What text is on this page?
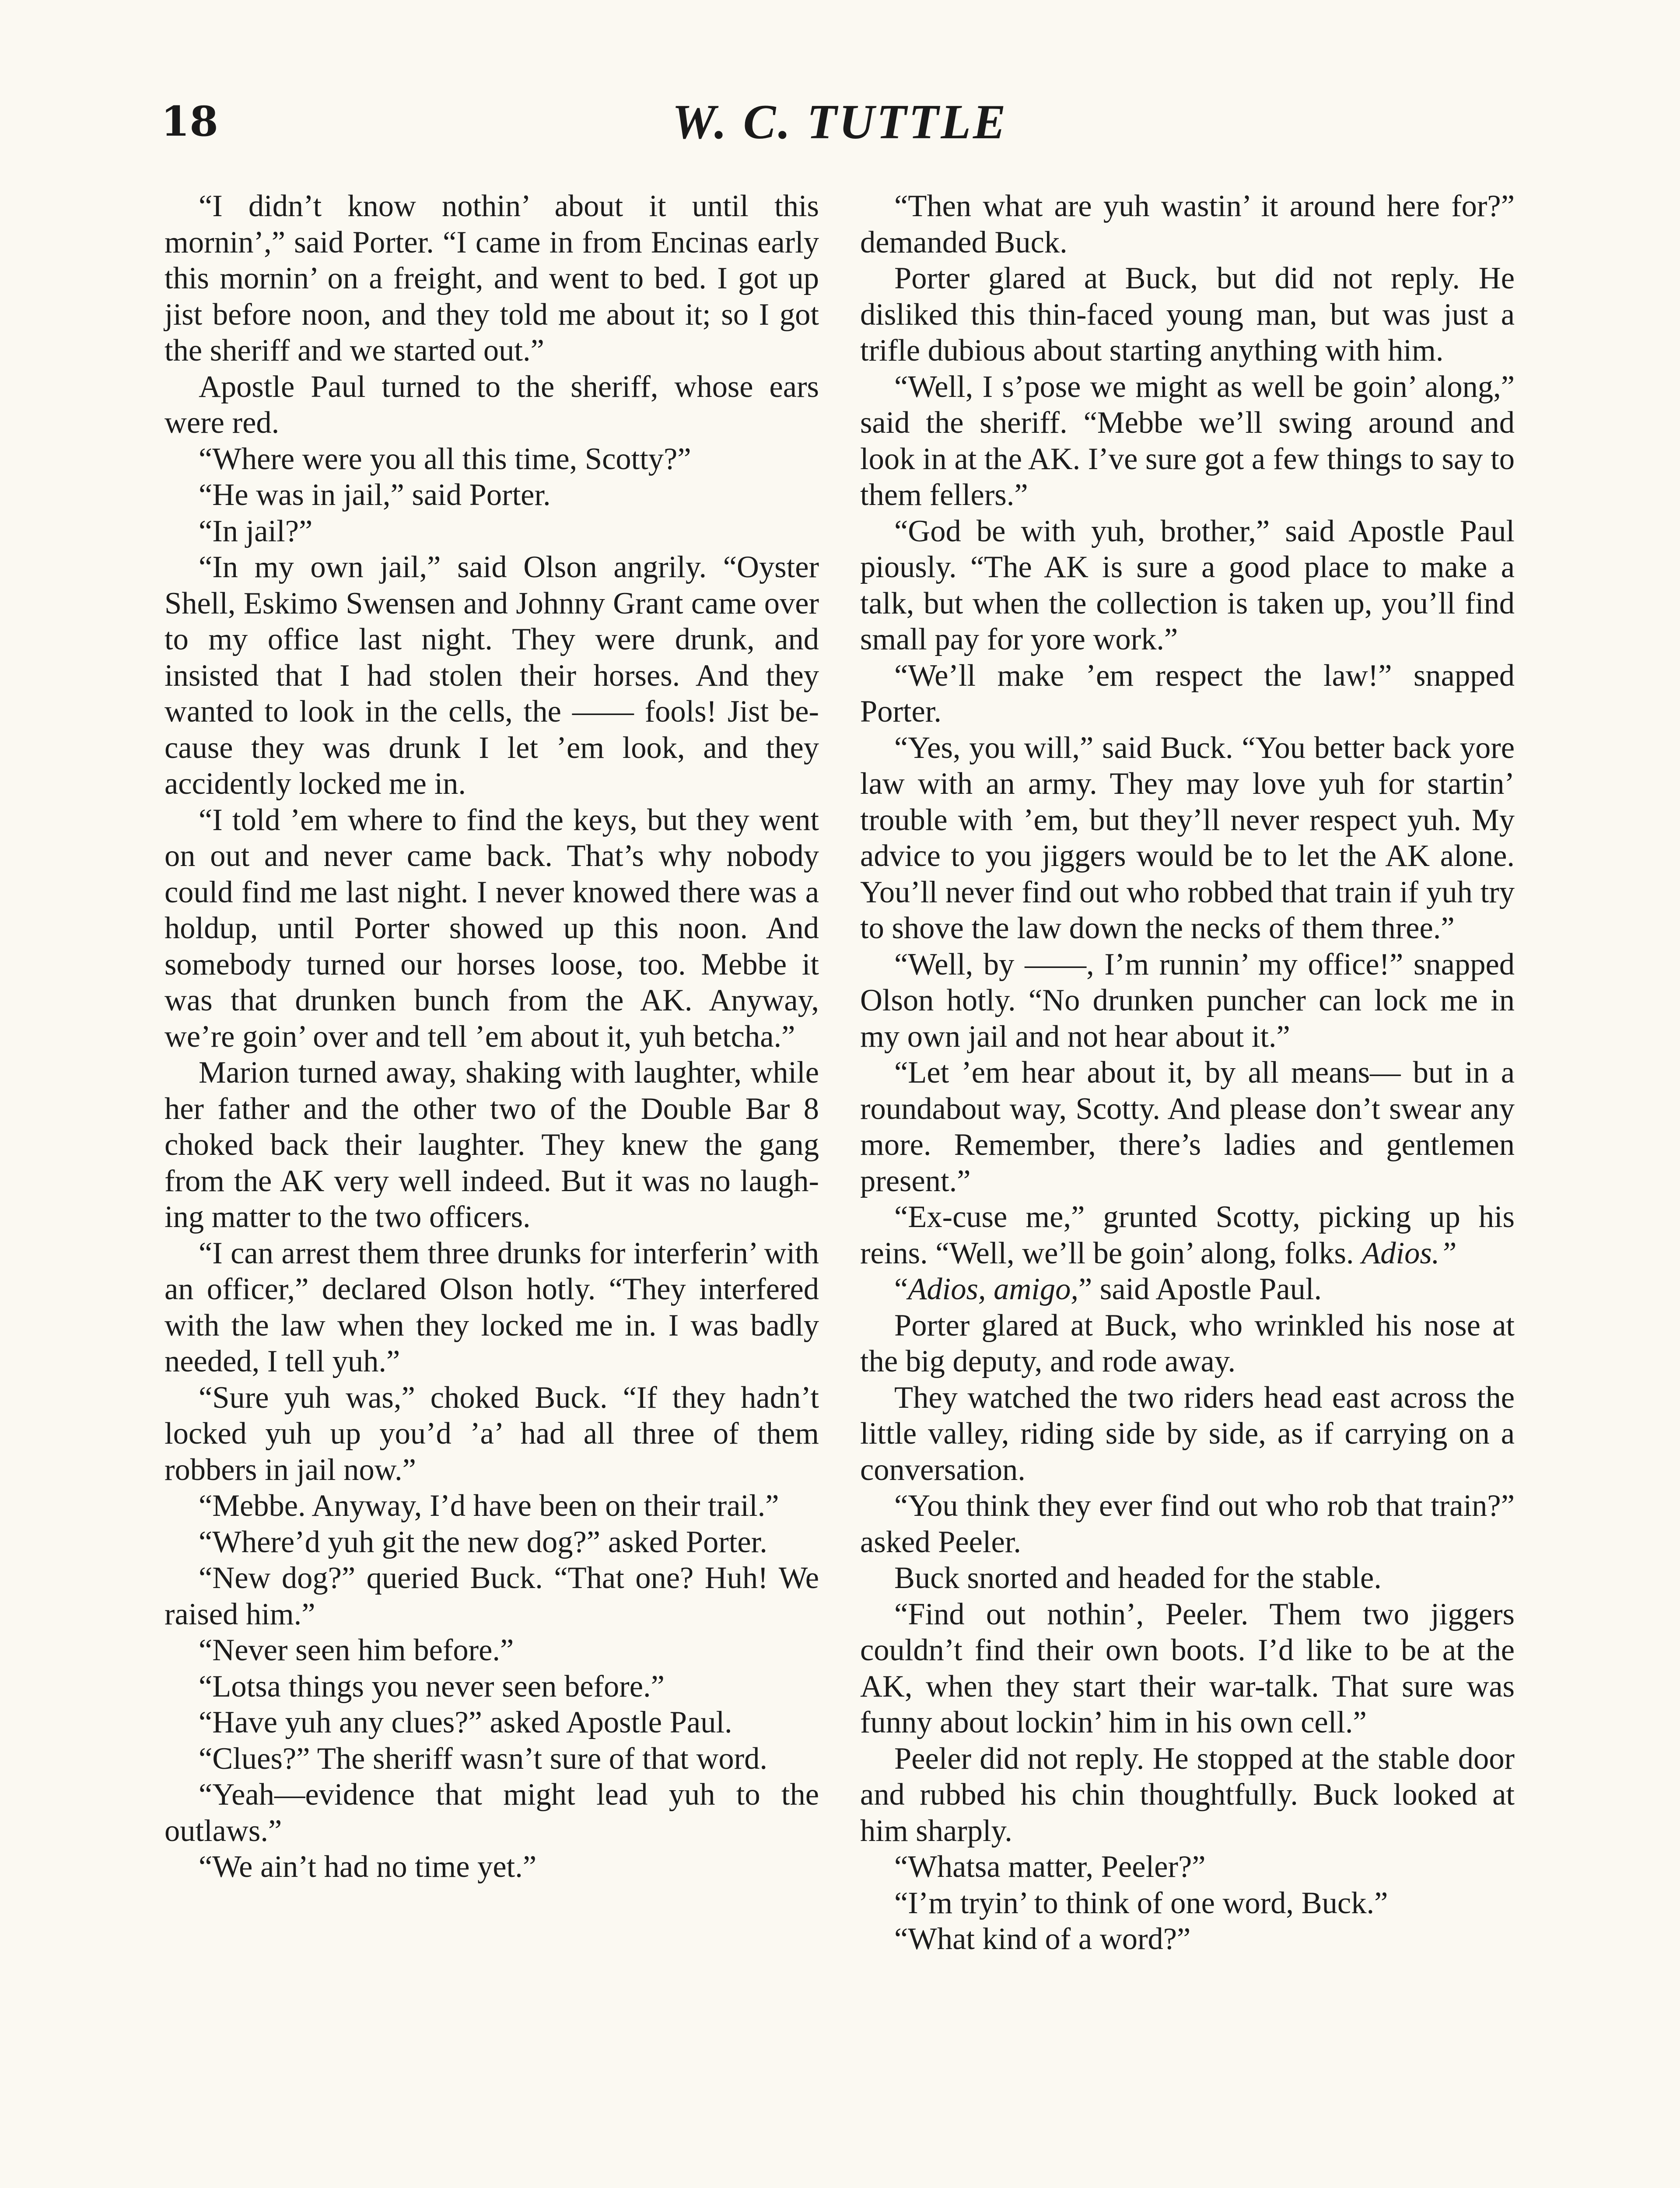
18	W. C. TUTTLE

“I didn’t know nothin’ about it until this mornin’,” said Porter. “I came in from Encinas early this mornin’ on a freight, and went to bed. I got up jist before noon, and they told me about it; so I got the sheriff and we started out.”

Apostle Paul turned to the sheriff, whose ears were red.

“Where were you all this time, Scotty?”

“He was in jail,” said Porter.

“In jail?”

“In my own jail,” said Olson angrily. “Oyster Shell, Eskimo Swensen and Johnny Grant came over to my office last night. They were drunk, and insisted that I had stolen their horses. And they wanted to look in the cells, the —— fools! Jist because they was drunk I let ’em look, and they accidently locked me in.

“I told ’em where to find the keys, but they went on out and never came back. That’s why nobody could find me last night. I never knowed there was a holdup, until Porter showed up this noon. And somebody turned our horses loose, too. Mebbe it was that drunken bunch from the AK. Anyway, we’re goin’ over and tell ’em about it, yuh betcha.”

Marion turned away, shaking with laughter, while her father and the other two of the Double Bar 8 choked back their laughter. They knew the gang from the AK very well indeed. But it was no laughing matter to the two officers.

“I can arrest them three drunks for interferin’ with an officer,” declared Olson hotly. “They interfered with the law when they locked me in. I was badly needed, I tell yuh.”

“Sure yuh was,” choked Buck. “If they hadn’t locked yuh up you’d ’a’ had all three of them robbers in jail now.”

“Mebbe. Anyway, I’d have been on their trail.”

“Where’d yuh git the new dog?” asked Porter.

“New dog?” queried Buck. “That one? Huh! We raised him.”

“Never seen him before.”

“Lotsa things you never seen before.”

“Have yuh any clues?” asked Apostle Paul.

“Clues?” The sheriff wasn’t sure of that word.

“Yeah—evidence that might lead yuh to the outlaws.”

“We ain’t had no time yet.”

“Then what are yuh wastin’ it around here for?” demanded Buck.

Porter glared at Buck, but did not reply. He disliked this thin-faced young man, but was just a trifle dubious about starting anything with him.

“Well, I s’pose we might as well be goin’ along,” said the sheriff. “Mebbe we’ll swing around and look in at the AK. I’ve sure got a few things to say to them fellers.”

“God be with yuh, brother,” said Apostle Paul piously. “The AK is sure a good place to make a talk, but when the collection is taken up, you’ll find small pay for yore work.”

“We’ll make ’em respect the law!” snapped Porter.

“Yes, you will,” said Buck. “You better back yore law with an army. They may love yuh for startin’ trouble with ’em, but they’ll never respect yuh. My advice to you jiggers would be to let the AK alone. You’ll never find out who robbed that train if yuh try to shove the law down the necks of them three.”

“Well, by ——, I’m runnin’ my office!” snapped Olson hotly. “No drunken puncher can lock me in my own jail and not hear about it.”

“Let ’em hear about it, by all means— but in a roundabout way, Scotty. And please don’t swear any more. Remember, there’s ladies and gentlemen present.”

“Ex-cuse me,” grunted Scotty, picking up his reins. “Well, we’ll be goin’ along, folks. Adios.”

“Adios, amigo,” said Apostle Paul.

Porter glared at Buck, who wrinkled his nose at the big deputy, and rode away.

They watched the two riders head east across the little valley, riding side by side, as if carrying on a conversation.

“You think they ever find out who rob that train?” asked Peeler.

Buck snorted and headed for the stable.

“Find out nothin’, Peeler. Them two jiggers couldn’t find their own boots. I’d like to be at the AK, when they start their war-talk. That sure was funny about lockin’ him in his own cell.”

Peeler did not reply. He stopped at the stable door and rubbed his chin thoughtfully. Buck looked at him sharply.

“Whatsa matter, Peeler?”

“I’m tryin’ to think of one word, Buck.”

“What kind of a word?”
